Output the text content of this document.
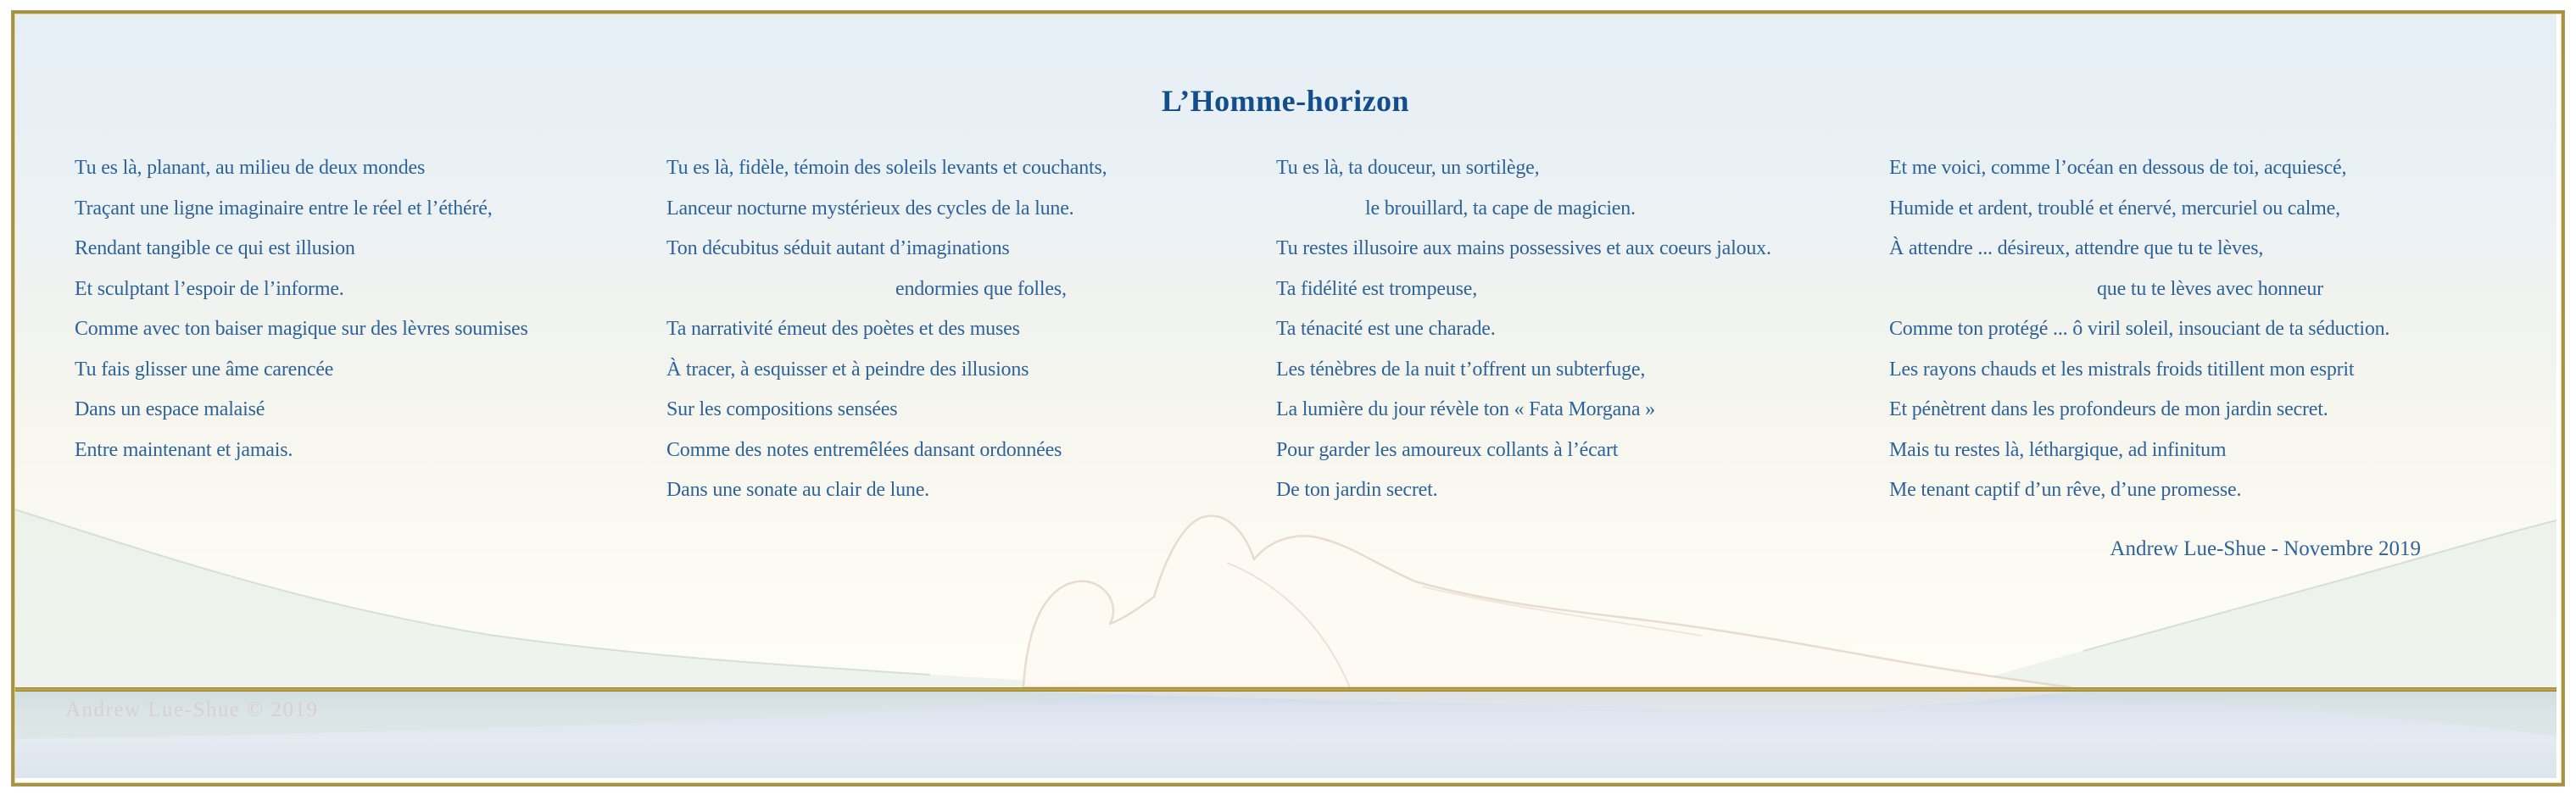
Andrew Lue-Shue © 2019
L’Homme-horizon
Tu es là, planant, au milieu de deux mondes
Traçant une ligne imaginaire entre le réel et l’éthéré,
Rendant tangible ce qui est illusion
Et sculptant l’espoir de l’informe.
Comme avec ton baiser magique sur des lèvres soumises
Tu fais glisser une âme carencée
Dans un espace malaisé
Entre maintenant et jamais.
Tu es là, fidèle, témoin des soleils levants et couchants,
Lanceur nocturne mystérieux des cycles de la lune.
Ton décubitus séduit autant d’imaginations
endormies que folles,
Ta narrativité émeut des poètes et des muses
À tracer, à esquisser et à peindre des illusions
Sur les compositions sensées
Comme des notes entremêlées dansant ordonnées
Dans une sonate au clair de lune.
Tu es là, ta douceur, un sortilège,
le brouillard, ta cape de magicien.
Tu restes illusoire aux mains possessives et aux coeurs jaloux.
Ta fidélité est trompeuse,
Ta ténacité est une charade.
Les ténèbres de la nuit t’offrent un subterfuge,
La lumière du jour révèle ton « Fata Morgana »
Pour garder les amoureux collants à l’écart
De ton jardin secret.
Et me voici, comme l’océan en dessous de toi, acquiescé,
Humide et ardent, troublé et énervé, mercuriel ou calme,
À attendre ... désireux, attendre que tu te lèves,
que tu te lèves avec honneur
Comme ton protégé ... ô viril soleil, insouciant de ta séduction.
Les rayons chauds et les mistrals froids titillent mon esprit
Et pénètrent dans les profondeurs de mon jardin secret.
Mais tu restes là, léthargique, ad infinitum
Me tenant captif d’un rêve, d’une promesse.
Andrew Lue-Shue - Novembre 2019
